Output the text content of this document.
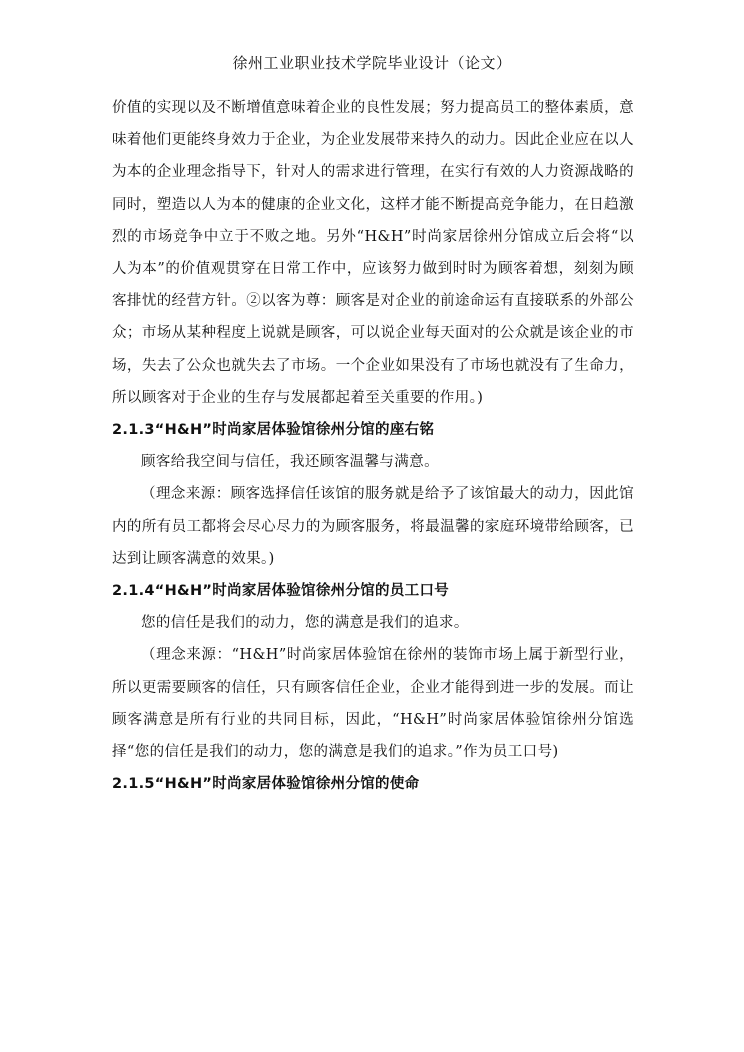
徐州工业职业技术学院毕业设计（论文）

价值的实现以及不断增值意味着企业的良性发展；努力提高员工的整体素质，意味着他们更能终身效力于企业，为企业发展带来持久的动力。因此企业应在以人为本的企业理念指导下，针对人的需求进行管理，在实行有效的人力资源战略的同时，塑造以人为本的健康的企业文化，这样才能不断提高竞争能力，在日趋激烈的市场竞争中立于不败之地。另外“H&H”时尚家居徐州分馆成立后会将“以人为本”的价值观贯穿在日常工作中，应该努力做到时时为顾客着想，刻刻为顾客排忧的经营方针。②以客为尊：顾客是对企业的前途命运有直接联系的外部公众；市场从某种程度上说就是顾客，可以说企业每天面对的公众就是该企业的市场，失去了公众也就失去了市场。一个企业如果没有了市场也就没有了生命力，所以顾客对于企业的生存与发展都起着至关重要的作用。)

2.1.3“H&H”时尚家居体验馆徐州分馆的座右铭

顾客给我空间与信任，我还顾客温馨与满意。

（理念来源：顾客选择信任该馆的服务就是给予了该馆最大的动力，因此馆内的所有员工都将会尽心尽力的为顾客服务，将最温馨的家庭环境带给顾客，已达到让顾客满意的效果。)

2.1.4“H&H”时尚家居体验馆徐州分馆的员工口号

您的信任是我们的动力，您的满意是我们的追求。

（理念来源：“H&H”时尚家居体验馆在徐州的装饰市场上属于新型行业，所以更需要顾客的信任，只有顾客信任企业，企业才能得到进一步的发展。而让顾客满意是所有行业的共同目标，因此，“H&H”时尚家居体验馆徐州分馆选择“您的信任是我们的动力，您的满意是我们的追求。”作为员工口号)

2.1.5“H&H”时尚家居体验馆徐州分馆的使命
